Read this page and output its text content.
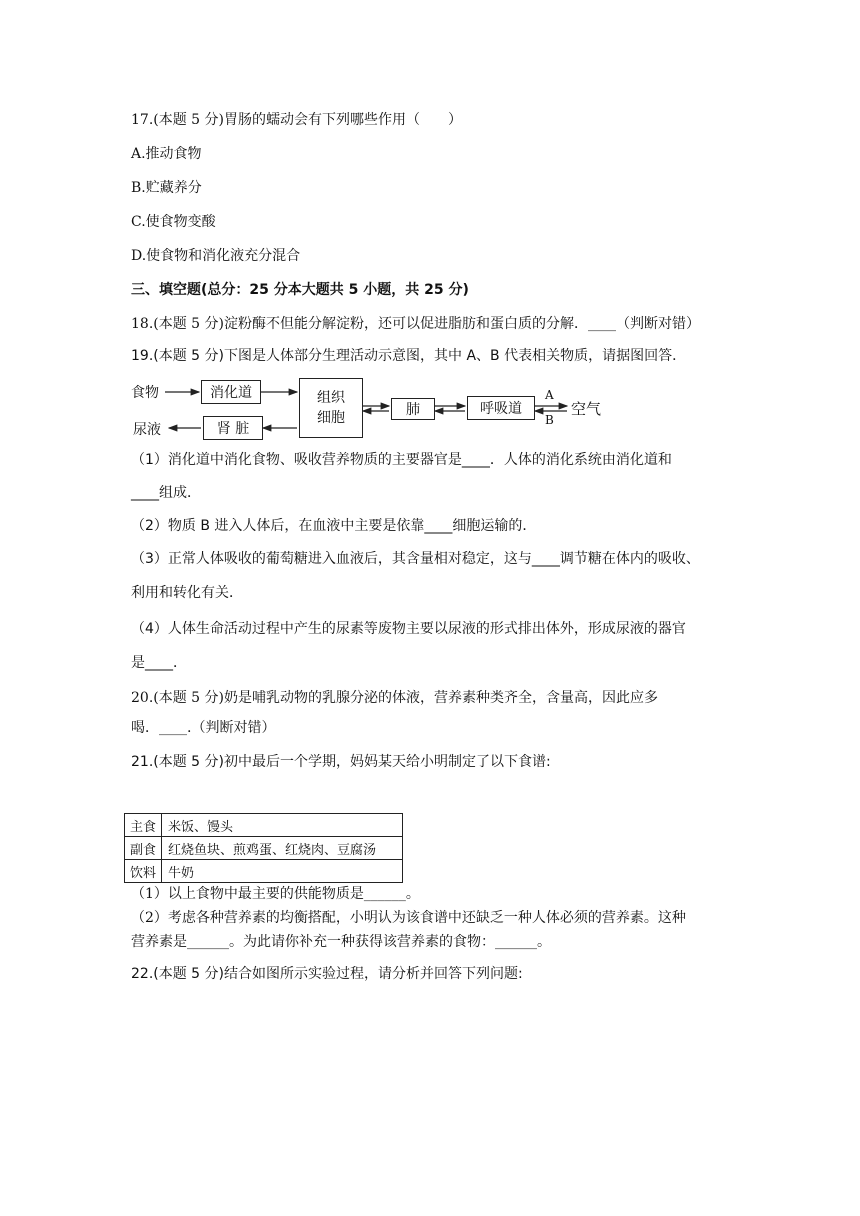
17.(本题 5 分)胃肠的蠕动会有下列哪些作用（　　）
A.推动食物
B.贮藏养分
C.使食物变酸
D.使食物和消化液充分混合
三、填空题(总分：25 分本大题共 5 小题，共 25 分)
18.(本题 5 分)淀粉酶不但能分解淀粉，还可以促进脂肪和蛋白质的分解．____（判断对错）
19.(本题 5 分)下图是人体部分生理活动示意图，其中 A、B 代表相关物质，请据图回答．
食物	消化道	组织
细胞	肺	呼吸道
A
B
空气
尿液	肾 脏
（1）消化道中消化食物、吸收营养物质的主要器官是____．人体的消化系统由消化道和
____组成．
（2）物质 B 进入人体后，在血液中主要是依靠____细胞运输的．
（3）正常人体吸收的葡萄糖进入血液后，其含量相对稳定，这与____调节糖在体内的吸收、
利用和转化有关．
（4）人体生命活动过程中产生的尿素等废物主要以尿液的形式排出体外，形成尿液的器官
是____．
20.(本题 5 分)奶是哺乳动物的乳腺分泌的体液，营养素种类齐全，含量高，因此应多
喝．____.（判断对错）
21.(本题 5 分)初中最后一个学期，妈妈某天给小明制定了以下食谱:
主食	米饭、馒头
副食	红烧鱼块、煎鸡蛋、红烧肉、豆腐汤
饮料	牛奶
（1）以上食物中最主要的供能物质是______。
（2）考虑各种营养素的均衡搭配，小明认为该食谱中还缺乏一种人体必须的营养素。这种
营养素是______。为此请你补充一种获得该营养素的食物：______。
22.(本题 5 分)结合如图所示实验过程，请分析并回答下列问题:
